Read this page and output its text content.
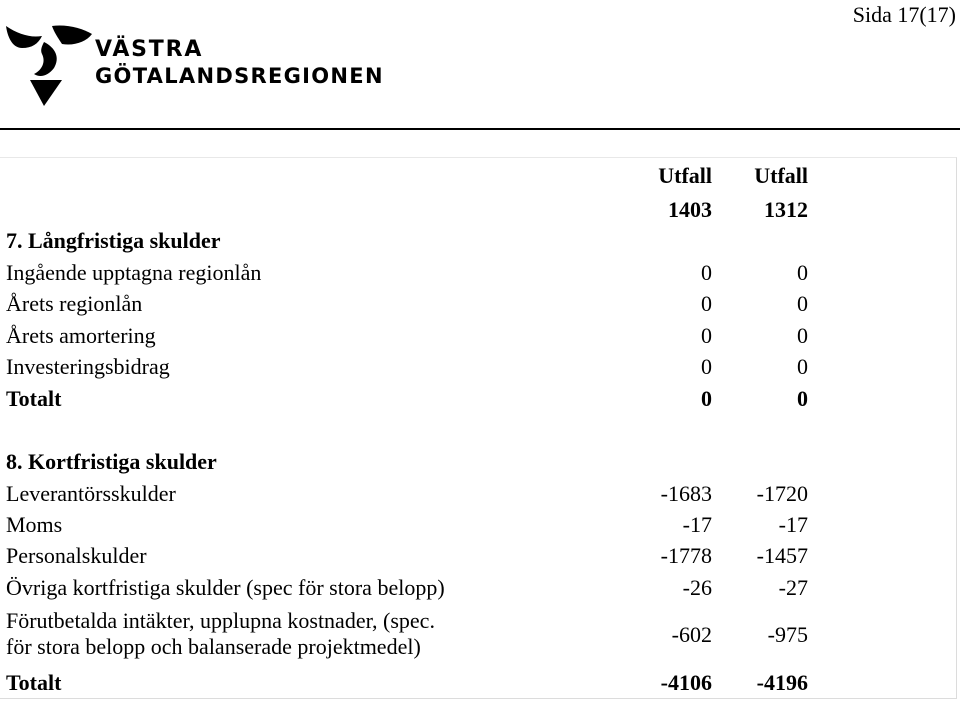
Sida 17(17)
VÄSTRA
GÖTALANDSREGIONEN
Utfall Utfall
1403 1312
7. Långfristiga skulder
Ingående upptagna regionlån	0	0
Årets regionlån	0	0
Årets amortering	0	0
Investeringsbidrag	0	0
Totalt	0	0
8. Kortfristiga skulder
Leverantörsskulder	-1683 -1720
Moms	-17	-17
Personalskulder	-1778 -1457
Övriga kortfristiga skulder (spec för stora belopp)	-26	-27
Förutbetalda intäkter, upplupna kostnader, (spec.
för stora belopp och balanserade projektmedel)	-602	-975
Totalt	-4106 -4196
